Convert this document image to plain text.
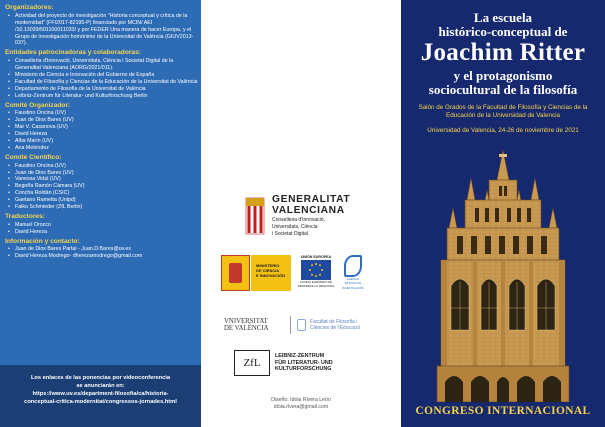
Organizadores:
• Actividad del proyecto de investigación "Historia conceptual y crítica de la modernidad" (FFI2017-82195-P) financiado por MCIN/ AEI /10.13039/501100011033/ y por FEDER Una manera de hacer Europa, y el Grupo de investigación homónimo de la Universitat de València (GIUV2013-037).
Entidades patrocinadoras y colaboradoras:
• Conselleria d'Innovació, Universitats, Ciència i Societat Digital de la Generalitat Valenciana (AORG/2021/011).
• Ministerio de Ciencia e Innovación del Gobierno de España
• Facultad de Filosofía y Ciencias de la Educación de la Universitat de València
• Departamento de Filosofía de la Universitat de València
• Leibniz-Zentrum für Literatur- und Kulturforschung Berlin
Comité Organizador:
• Faustino Oncina (UV)
• Juan de Dios Bares (UV)
• Mar V. Casanova (UV)
• David Hereza
• Alba Marín (UV)
• Ana Meléndez
Comité Científico:
• Faustino Oncina (UV)
• Juan de Dios Bares (UV)
• Vanessa Vidal (UV)
• Begoña Ramón Cámara (UV)
• Concha Roldán (CSIC)
• Gaetano Rametta (Unipd)
• Falko Schmieder (ZfL Berlin)
Traductores:
• Manuel Orozco
• David Hereza
Información y contacto:
• Juan de Dios Bares Partal - Juan.D.Bares@uv.es
• David Hereza Modrego- dherezamodrego@gmail.com
Los enlaces de las ponencias por videoconferencia
se anunciarán en:
https://www.uv.es/department-filosofia/ca/historia-
conceptual-critica-modernitat/congressos-jornades.html
GENERALITAT
VALENCIANA
Conselleria d'Innovació,
Universitats, Ciència
i Societat Digital
MINISTERIO
DE CIENCIA
E INNOVACIÓN
UNIÓN EUROPEA
FONDO EUROPEO DE
DESARROLLO REGIONAL
AGENCIA
ESTATAL DE
INVESTIGACIÓN
VNIVERSITAT
DE VALÈNCIA
Facultat de Filosofia i
Ciències de l'Educació
ZfL
LEIBNIZ-ZENTRUM
FÜR LITERATUR- UND
KULTURFORSCHUNG
Diseño: Idoia Rivera León
idoia.rivera@gmail.com
La escuela
histórico-conceptual de
Joachim Ritter
y el protagonismo
sociocultural de la filosofía
Salón de Grados de la Facultad de Filosofía y Ciencias de la Educación de la Universidad de Valencia
Universidad de Valencia, 24-26 de noviembre de 2021
CONGRESO INTERNACIONAL
